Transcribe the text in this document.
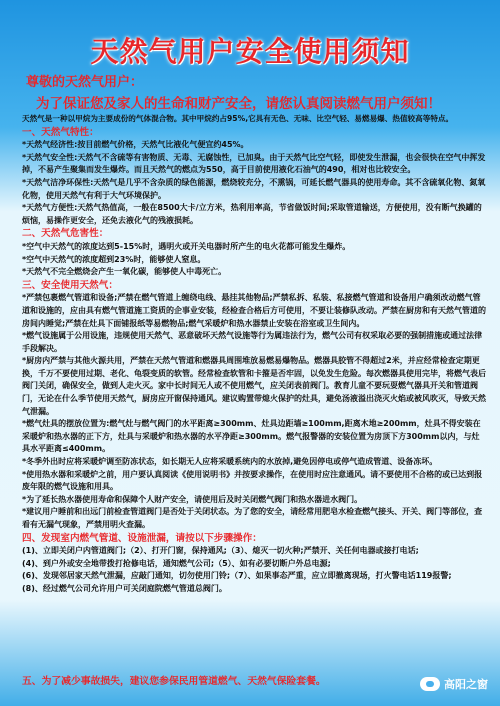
天然气用户安全使用须知
尊敬的天然气用户：
为了保证您及家人的生命和财产安全，请您认真阅读燃气用户须知！

天然气是一种以甲烷为主要成份的气体混合物。其中甲烷约占95%,它具有无色、无味、比空气轻、易燃易爆、热值较高等特点。

一、天然气特性：

*天然气经济性:按目前燃气价格，天然气比液化气便宜约45%。

*天然气安全性:天然气不含硫等有害物质、无毒、无腐蚀性，已加臭。由于天然气比空气轻，即使发生泄漏，也会很快在空气中挥发掉，不易产生聚集而发生爆炸。而且天然气的燃点为550，高于目前使用液化石油气的490，相对也比较安全。

*天然气洁净环保性:天然气是几乎不含杂质的绿色能源，燃烧较充分，不熏锅，可延长燃气器具的使用寿命。其不含硫氧化物、氮氧化物，使用天然气有利于大气环境保护。

*天然气方便性:天然气热值高，一般在8500大卡/立方米，热利用率高，节省做饭时间;采取管道输送，方便使用，没有断气换罐的烦恼，易操作更安全，还免去液化气的残液损耗。

二、天然气危害性：

*空气中天然气的浓度达到5-15%时，遇明火或开关电器时所产生的电火花都可能发生爆炸。

*空气中天然气的浓度超到23%时，能够使人窒息。

*天然气不完全燃烧会产生一氧化碳，能够使人中毒死亡。

三、安全使用天然气：

*严禁包裹燃气管道和设备;严禁在燃气管道上缠绕电线、悬挂其他物品;严禁私拆、私装、私接燃气管道和设备用户确须改动燃气管道和设施的，应由具有燃气管道施工资质的企事业安装，经检查合格后方可使用，不要让装修队改动。严禁在厨房和有天然气管道的房间内睡觉;严禁在灶具下面铺报纸等易燃物品;燃气采暖炉和热水器禁止安装在浴室或卫生间内。

*燃气设施属于公用设施，违规使用天然气、恶意破坏天然气设施等行为属违法行为，燃气公司有权采取必要的强制措施或通过法律手段解决。

*厨房内严禁与其他火源共用，严禁在天然气管道和燃器具周围堆放易燃易爆物品。燃器具胶管不得超过2米，并应经常检查定期更换，千万不要使用过期、老化、龟裂变质的软管。经常检查软管和卡箍是否牢固，以免发生危险。每次燃器具使用完毕，将燃气表后阀门关闭，确保安全，做到人走火灭。家中长时间无人或不使用燃气，应关闭表前阀门。教育儿童不要玩耍燃气器具开关和管道阀门，无论在什么季节使用天然气，厨房应开窗保持通风。建议购置带熄火保护的灶具，避免汤液溢出浇灭火焰或被风吹灭，导致天然气泄漏。

*燃气灶具的摆放位置为:燃气灶与燃气阀门的水平距离≥300mm、灶具边距墙≥100mm,距离木地≥200mm，灶具不得安装在采暖炉和热水器的正下方，灶具与采暖炉和热水器的水平净距≥300mm。燃气报警器的安装位置为房顶下方300mm以内，与灶具水平距离≤400mm。

*冬季外出时应将采暖炉调至防冻状态，如长期无人应将采暖系统内的水放掉,避免因停电或停气造成管道、设备冻坏。

*使用热水器和采暖炉之前，用户要认真阅读《使用说明书》并按要求操作，在使用时应注意通风。请不要使用不合格的或已达到报废年限的燃气设施和用具。

*为了延长热水器使用寿命和保障个人财产安全，请使用后及时关闭燃气阀门和热水器进水阀门。

*建议用户睡前和出远门前检查管道阀门是否处于关闭状态。为了您的安全，请经常用肥皂水检查燃气接头、开关、阀门等部位，查看有无漏气现象，严禁用明火查漏。

四、发现室内燃气管道、设施泄漏，请按以下步骤操作：

(1)、立即关闭户内管道阀门;（2）、打开门窗，保持通风;（3）、熄灭一切火种;严禁开、关任何电器或接打电话;

(4)、到户外或安全地带拨打抢修电话，通知燃气公司;（5）、如有必要切断户外总电源;

(6)、发现邻居家天然气泄漏，应敲门通知，切勿使用门铃;（7）、如果事态严重，应立即撤离现场，打火警电话119报警;

(8)、经过燃气公司允许用户可关闭庭院燃气管道总阀门。

五、为了减少事故损失，建议您参保民用管道燃气、天然气保险套餐。	高阳之窗
